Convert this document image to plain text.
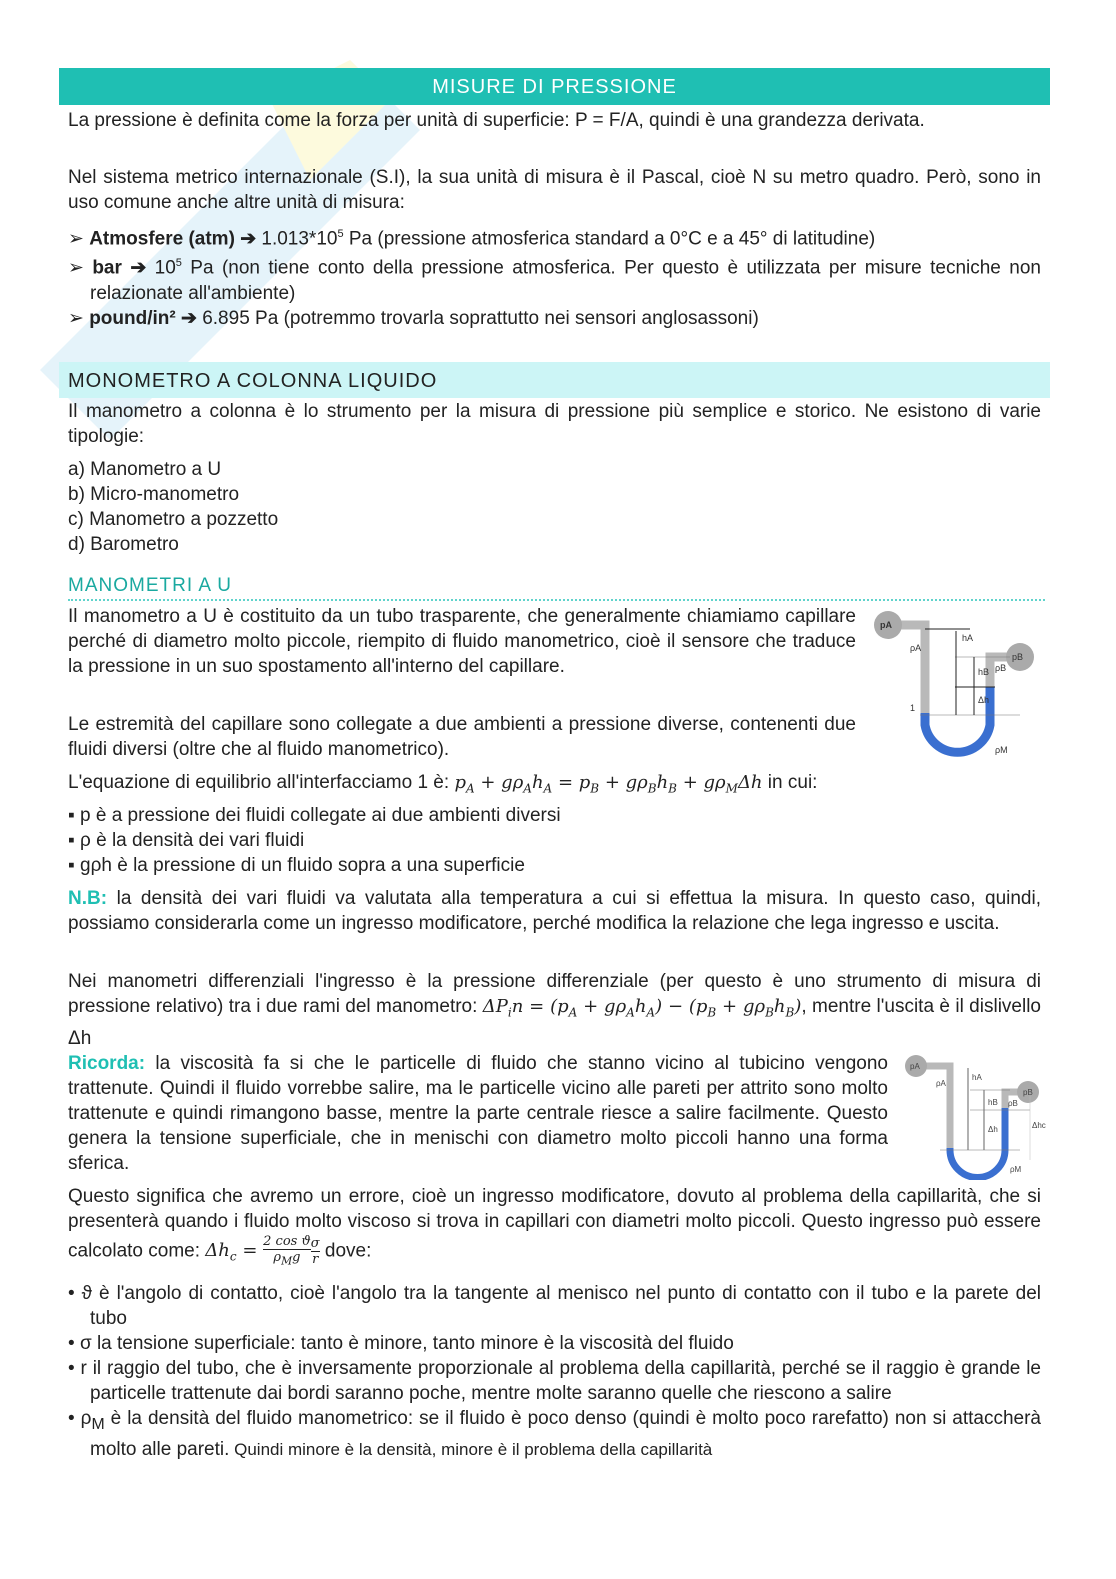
MISURE DI PRESSIONE
La pressione è definita come la forza per unità di superficie: P = F/A, quindi è una grandezza derivata.
Nel sistema metrico internazionale (S.I), la sua unità di misura è il Pascal, cioè N su metro quadro. Però, sono in uso comune anche altre unità di misura:
➢ Atmosfere (atm) ➔ $1.013*10^5$ Pa (pressione atmosferica standard a 0°C e a 45° di latitudine)
➢ bar ➔ $10^5$ Pa (non tiene conto della pressione atmosferica. Per questo è utilizzata per misure tecniche non relazionate all'ambiente)
➢ pound/in² ➔ 6.895 Pa (potremmo trovarla soprattutto nei sensori anglosassoni)
MONOMETRO A COLONNA LIQUIDO
Il manometro a colonna è lo strumento per la misura di pressione più semplice e storico. Ne esistono di varie tipologie:
a) Manometro a U
b) Micro-manometro
c) Manometro a pozzetto
d) Barometro
MANOMETRI A U
Il manometro a U è costituito da un tubo trasparente, che generalmente chiamiamo capillare perché di diametro molto piccole, riempito di fluido manometrico, cioè il sensore che traduce la pressione in un suo spostamento all'interno del capillare.
Le estremità del capillare sono collegate a due ambienti a pressione diverse, contenenti due fluidi diversi (oltre che al fluido manometrico).
pA
pB
hA
hB
ρA
ρB
Δh
1
ρM
L'equazione di equilibrio all'interfacciamo 1 è: $p_A + g\rho_Ah_A = p_B + g\rho_Bh_B + g\rho_M\Delta h$ in cui:
▪ p è a pressione dei fluidi collegate ai due ambienti diversi
▪ ρ è la densità dei vari fluidi
▪ gρh è la pressione di un fluido sopra a una superficie
N.B: la densità dei vari fluidi va valutata alla temperatura a cui si effettua la misura. In questo caso, quindi, possiamo considerarla come un ingresso modificatore, perché modifica la relazione che lega ingresso e uscita.
Nei manometri differenziali l'ingresso è la pressione differenziale (per questo è uno strumento di misura di pressione relativo) tra i due rami del manometro: $\Delta P_in = (p_A + g\rho_Ah_A) - (p_B + g\rho_Bh_B)$, mentre l'uscita è il dislivello Δh
Ricorda: la viscosità fa si che le particelle di fluido che stanno vicino al tubicino vengono trattenute. Quindi il fluido vorrebbe salire, ma le particelle vicino alle pareti per attrito sono molto trattenute e quindi rimangono basse, mentre la parte centrale riesce a salire facilmente. Questo genera la tensione superficiale, che in menischi con diametro molto piccoli hanno una forma sferica.
pA
pB
hA
hB
ρA
ρB
Δh	Δhc
ρM
Questo significa che avremo un errore, cioè un ingresso modificatore, dovuto al problema della capillarità, che si presenterà quando i fluido molto viscoso si trova in capillari con diametri molto piccoli. Questo ingresso può essere calcolato come: $\Delta h_c = \frac{\text{2 cos ϑ}}{\rho_Mg} \frac{\sigma}{r}$ dove:
• ϑ è l'angolo di contatto, cioè l'angolo tra la tangente al menisco nel punto di contatto con il tubo e la parete del tubo
• σ la tensione superficiale: tanto è minore, tanto minore è la viscosità del fluido
• r il raggio del tubo, che è inversamente proporzionale al problema della capillarità, perché se il raggio è grande le particelle trattenute dai bordi saranno poche, mentre molte saranno quelle che riescono a salire
• $\rho_M$ è la densità del fluido manometrico: se il fluido è poco denso (quindi è molto poco rarefatto) non si attaccherà molto alle pareti. Quindi minore è la densità, minore è il problema della capillarità
